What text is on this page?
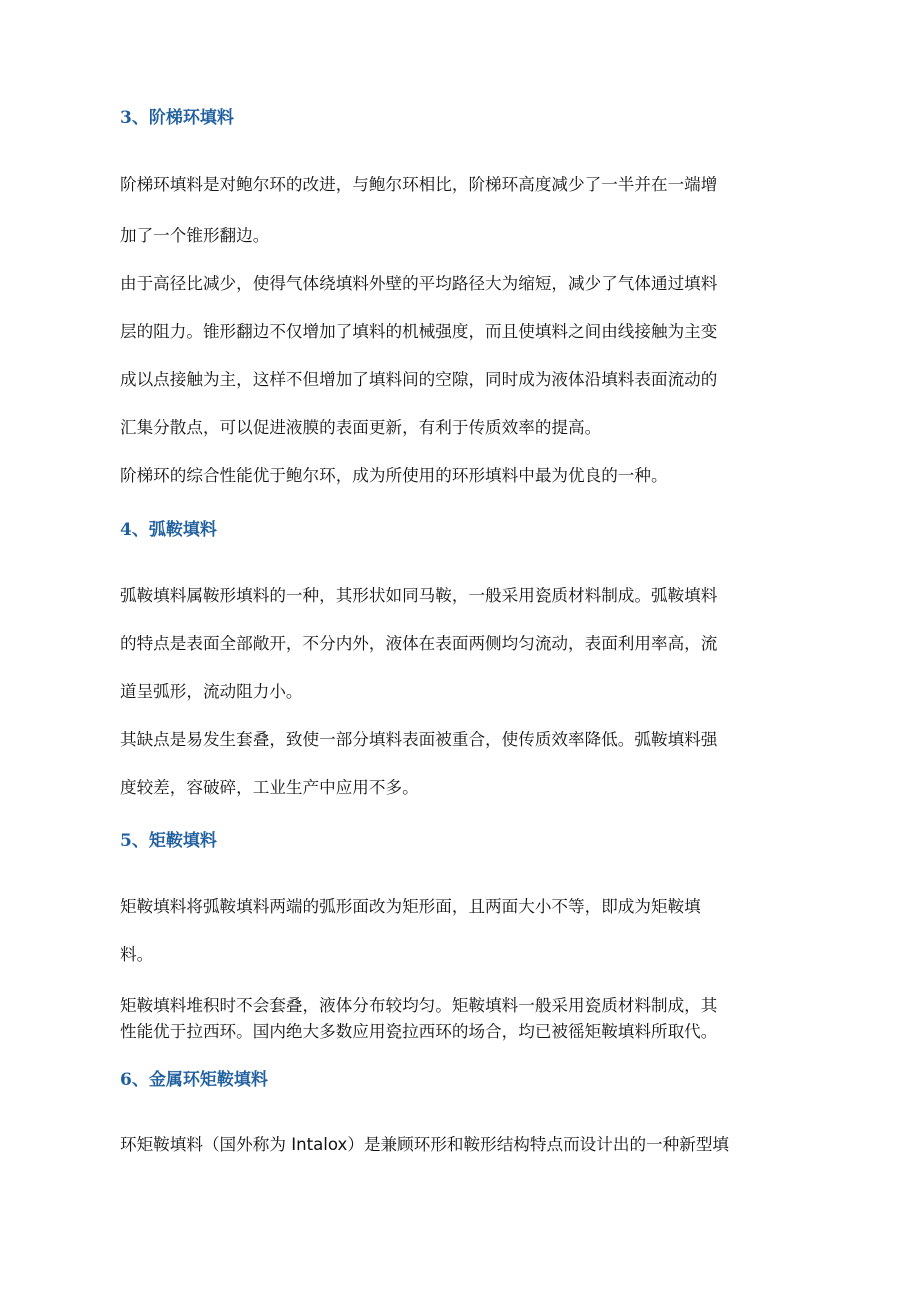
3、阶梯环填料
阶梯环填料是对鲍尔环的改进，与鲍尔环相比，阶梯环高度减少了一半并在一端增
加了一个锥形翻边。
由于高径比减少，使得气体绕填料外壁的平均路径大为缩短，减少了气体通过填料
层的阻力。锥形翻边不仅增加了填料的机械强度，而且使填料之间由线接触为主变
成以点接触为主，这样不但增加了填料间的空隙，同时成为液体沿填料表面流动的
汇集分散点，可以促进液膜的表面更新，有利于传质效率的提高。
阶梯环的综合性能优于鲍尔环，成为所使用的环形填料中最为优良的一种。
4、弧鞍填料
弧鞍填料属鞍形填料的一种，其形状如同马鞍，一般采用瓷质材料制成。弧鞍填料
的特点是表面全部敞开，不分内外，液体在表面两侧均匀流动，表面利用率高，流
道呈弧形，流动阻力小。
其缺点是易发生套叠，致使一部分填料表面被重合，使传质效率降低。弧鞍填料强
度较差，容破碎，工业生产中应用不多。
5、矩鞍填料
矩鞍填料将弧鞍填料两端的弧形面改为矩形面，且两面大小不等，即成为矩鞍填
料。
矩鞍填料堆积时不会套叠，液体分布较均匀。矩鞍填料一般采用瓷质材料制成，其
性能优于拉西环。国内绝大多数应用瓷拉西环的场合，均已被徭矩鞍填料所取代。
6、金属环矩鞍填料
环矩鞍填料（国外称为 Intalox）是兼顾环形和鞍形结构特点而设计出的一种新型填
